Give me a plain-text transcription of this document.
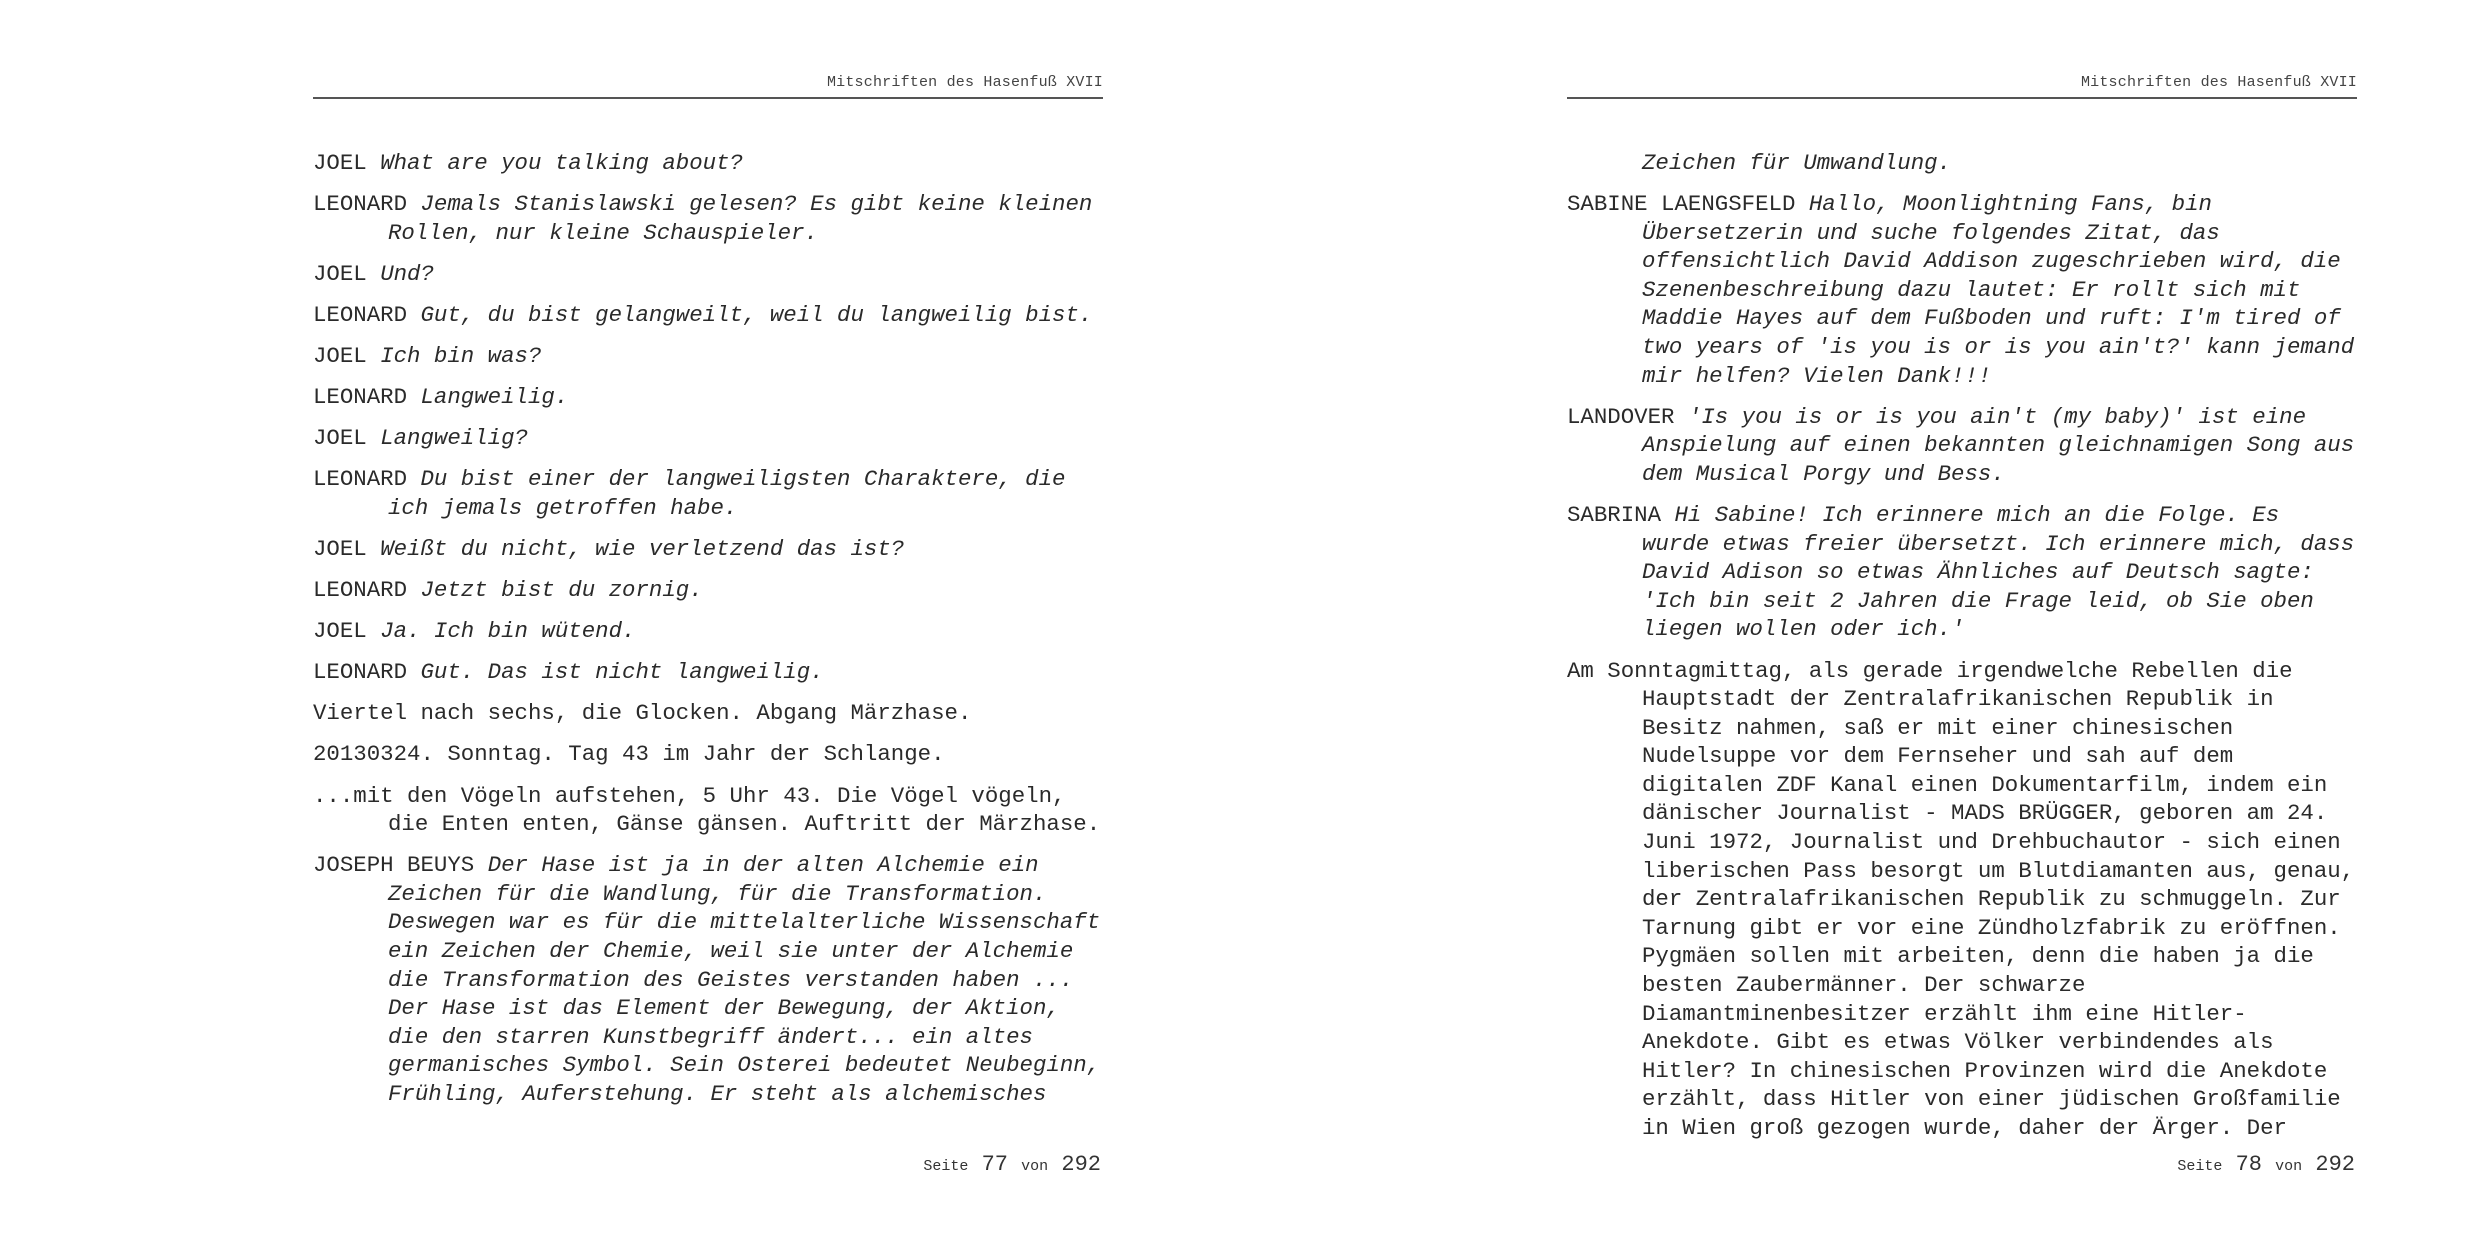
Mitschriften des Hasenfuß XVII

JOEL What are you talking about?

LEONARD Jemals Stanislawski gelesen? Es gibt keine kleinen Rollen, nur kleine Schauspieler.

JOEL Und?

LEONARD Gut, du bist gelangweilt, weil du langweilig bist.

JOEL Ich bin was?

LEONARD Langweilig.

JOEL Langweilig?

LEONARD Du bist einer der langweiligsten Charaktere, die ich jemals getroffen habe.

JOEL Weißt du nicht, wie verletzend das ist?

LEONARD Jetzt bist du zornig.

JOEL Ja. Ich bin wütend.

LEONARD Gut. Das ist nicht langweilig.

Viertel nach sechs, die Glocken. Abgang Märzhase.

20130324. Sonntag. Tag 43 im Jahr der Schlange.

...mit den Vögeln aufstehen, 5 Uhr 43. Die Vögel vögeln, die Enten enten, Gänse gänsen. Auftritt der Märzhase.

JOSEPH BEUYS Der Hase ist ja in der alten Alchemie ein Zeichen für die Wandlung, für die Transformation. Deswegen war es für die mittelalterliche Wissenschaft ein Zeichen der Chemie, weil sie unter der Alchemie die Transformation des Geistes verstanden haben ... Der Hase ist das Element der Bewegung, der Aktion, die den starren Kunstbegriff ändert... ein altes germanisches Symbol. Sein Osterei bedeutet Neubeginn, Frühling, Auferstehung. Er steht als alchemisches

Seite 77 von 292
Mitschriften des Hasenfuß XVII

Zeichen für Umwandlung.

SABINE LAENGSFELD Hallo, Moonlightning Fans, bin Übersetzerin und suche folgendes Zitat, das offensichtlich David Addison zugeschrieben wird, die Szenenbeschreibung dazu lautet: Er rollt sich mit Maddie Hayes auf dem Fußboden und ruft: I'm tired of two years of 'is you is or is you ain't?' kann jemand mir helfen? Vielen Dank!!!

LANDOVER 'Is you is or is you ain't (my baby)' ist eine Anspielung auf einen bekannten gleichnamigen Song aus dem Musical Porgy und Bess.

SABRINA Hi Sabine! Ich erinnere mich an die Folge. Es wurde etwas freier übersetzt. Ich erinnere mich, dass David Adison so etwas Ähnliches auf Deutsch sagte: 'Ich bin seit 2 Jahren die Frage leid, ob Sie oben liegen wollen oder ich.'

Am Sonntagmittag, als gerade irgendwelche Rebellen die Hauptstadt der Zentralafrikanischen Republik in Besitz nahmen, saß er mit einer chinesischen Nudelsuppe vor dem Fernseher und sah auf dem digitalen ZDF Kanal einen Dokumentarfilm, indem ein dänischer Journalist - MADS BRÜGGER, geboren am 24. Juni 1972, Journalist und Drehbuchautor - sich einen liberischen Pass besorgt um Blutdiamanten aus, genau, der Zentralafrikanischen Republik zu schmuggeln. Zur Tarnung gibt er vor eine Zündholzfabrik zu eröffnen. Pygmäen sollen mit arbeiten, denn die haben ja die besten Zaubermänner. Der schwarze Diamantminenbesitzer erzählt ihm eine Hitler-Anekdote. Gibt es etwas Völker verbindendes als Hitler? In chinesischen Provinzen wird die Anekdote erzählt, dass Hitler von einer jüdischen Großfamilie in Wien groß gezogen wurde, daher der Ärger. Der

Seite 78 von 292
